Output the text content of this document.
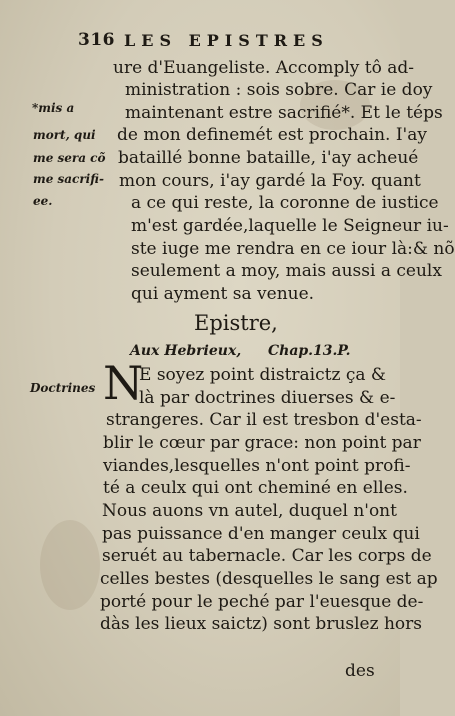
316 LES EPISTRES
ure d'Euangeliste. Accomply tô ad-
ministration : sois sobre. Car ie doy
maintenant estre sacrifié*. Et le téps
de mon definemét est prochain. I'ay
bataillé bonne bataille, i'ay acheué
mon cours, i'ay gardé la Foy. quant
a ce qui reste, la coronne de iustice
m'est gardée,laquelle le Seigneur iu-
ste iuge me rendra en ce iour là:& nõ
seulement a moy, mais aussi a ceulx
qui ayment sa venue.
*mis a
mort, qui
me sera cõ
me sacrifi-
ee.
Doctrines
Epistre,
Aux Hebrieux, Chap.13.P.
N
E soyez point distraictz ça &
là par doctrines diuerses & e-
strangeres. Car il est tresbon d'esta-
blir le cœur par grace: non point par
viandes,lesquelles n'ont point profi-
té a ceulx qui ont cheminé en elles.
Nous auons vn autel, duquel n'ont
pas puissance d'en manger ceulx qui
seruét au tabernacle. Car les corps de
celles bestes (desquelles le sang est ap
porté pour le peché par l'euesque de-
dàs les lieux saictz) sont bruslez hors
des
